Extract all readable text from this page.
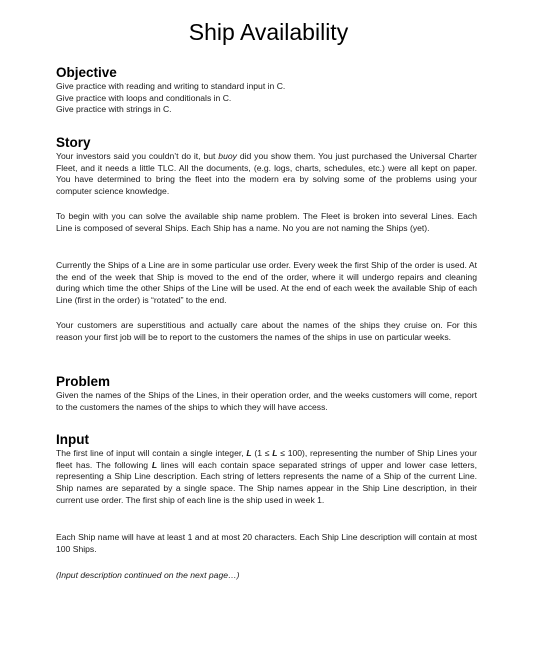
Ship Availability
Objective
Give practice with reading and writing to standard input in C.
Give practice with loops and conditionals in C.
Give practice with strings in C.
Story
Your investors said you couldn’t do it, but buoy did you show them. You just purchased the Universal Charter Fleet, and it needs a little TLC. All the documents, (e.g. logs, charts, schedules, etc.) were all kept on paper. You have determined to bring the fleet into the modern era by solving some of the problems using your computer science knowledge.
To begin with you can solve the available ship name problem. The Fleet is broken into several Lines. Each Line is composed of several Ships. Each Ship has a name. No you are not naming the Ships (yet).
Currently the Ships of a Line are in some particular use order. Every week the first Ship of the order is used. At the end of the week that Ship is moved to the end of the order, where it will undergo repairs and cleaning during which time the other Ships of the Line will be used. At the end of each week the available Ship of each Line (first in the order) is “rotated” to the end.
Your customers are superstitious and actually care about the names of the ships they cruise on. For this reason your first job will be to report to the customers the names of the ships in use on particular weeks.
Problem
Given the names of the Ships of the Lines, in their operation order, and the weeks customers will come, report to the customers the names of the ships to which they will have access.
Input
The first line of input will contain a single integer, L (1 ≤ L ≤ 100), representing the number of Ship Lines your fleet has. The following L lines will each contain space separated strings of upper and lower case letters, representing a Ship Line description. Each string of letters represents the name of a Ship of the current Line. Ship names are separated by a single space. The Ship names appear in the Ship Line description, in their current use order. The first ship of each line is the ship used in week 1.
Each Ship name will have at least 1 and at most 20 characters. Each Ship Line description will contain at most 100 Ships.
(Input description continued on the next page…)
